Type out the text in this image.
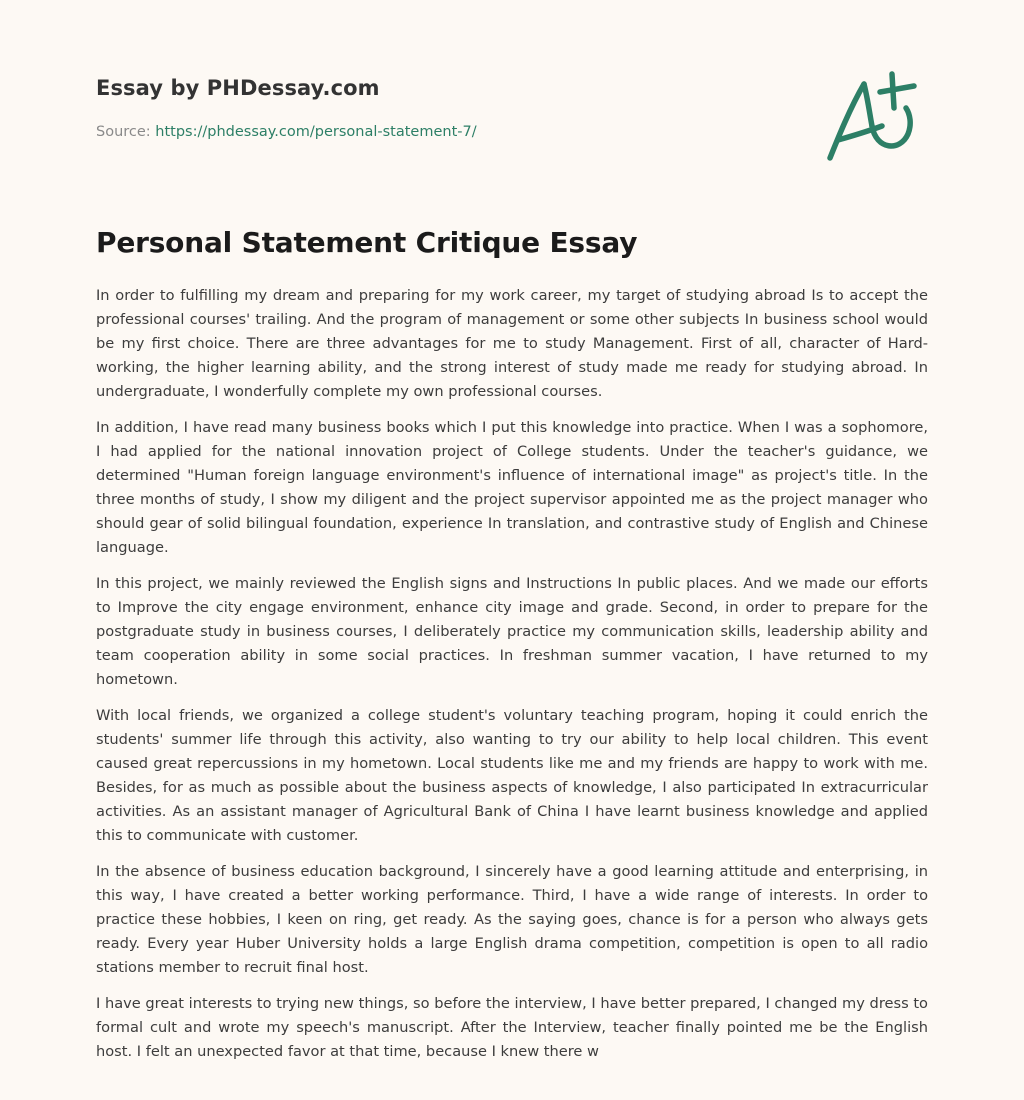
Essay by PHDessay.com
Source: https://phdessay.com/personal-statement-7/
Personal Statement Critique Essay

In order to fulfilling my dream and preparing for my work career, my target of studying abroad Is to accept the professional courses' trailing. And the program of management or some other subjects In business school would be my first choice. There are three advantages for me to study Management. First of all, character of Hard-working, the higher learning ability, and the strong interest of study made me ready for studying abroad. In undergraduate, I wonderfully complete my own professional courses.

In addition, I have read many business books which I put this knowledge into practice. When I was a sophomore, I had applied for the national innovation project of College students. Under the teacher's guidance, we determined "Human foreign language environment's influence of international image" as project's title. In the three months of study, I show my diligent and the project supervisor appointed me as the project manager who should gear of solid bilingual foundation, experience In translation, and contrastive study of English and Chinese language.

In this project, we mainly reviewed the English signs and Instructions In public places. And we made our efforts to Improve the city engage environment, enhance city image and grade. Second, in order to prepare for the postgraduate study in business courses, I deliberately practice my communication skills, leadership ability and team cooperation ability in some social practices. In freshman summer vacation, I have returned to my hometown.

With local friends, we organized a college student's voluntary teaching program, hoping it could enrich the students' summer life through this activity, also wanting to try our ability to help local children. This event caused great repercussions in my hometown. Local students like me and my friends are happy to work with me. Besides, for as much as possible about the business aspects of knowledge, I also participated In extracurricular activities. As an assistant manager of Agricultural Bank of China I have learnt business knowledge and applied this to communicate with customer.

In the absence of business education background, I sincerely have a good learning attitude and enterprising, in this way, I have created a better working performance. Third, I have a wide range of interests. In order to practice these hobbies, I keen on ring, get ready. As the saying goes, chance is for a person who always gets ready. Every year Huber University holds a large English drama competition, competition is open to all radio stations member to recruit final host.

I have great interests to trying new things, so before the interview, I have better prepared, I changed my dress to formal cult and wrote my speech's manuscript. After the Interview, teacher finally pointed me be the English host. I felt an unexpected favor at that time, because I knew there w
